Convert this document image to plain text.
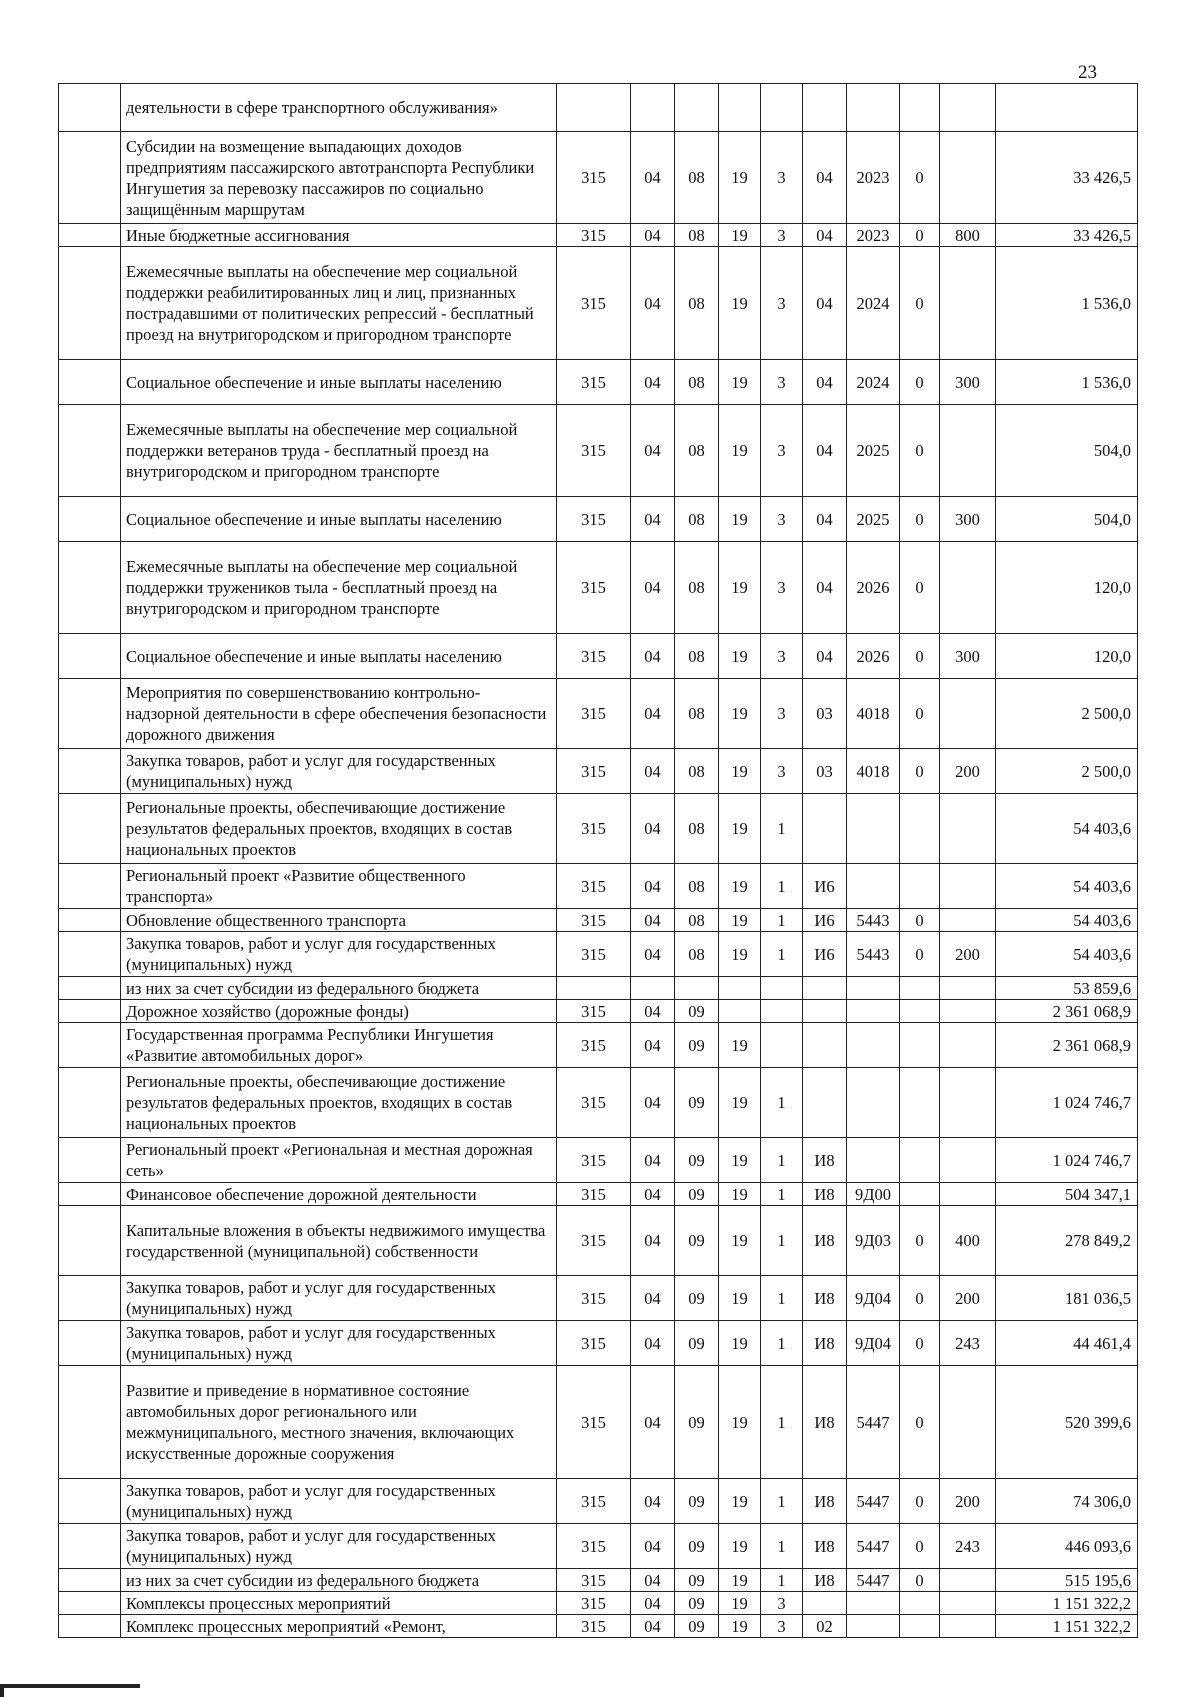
23
	деятельности в сфере транспортного обслуживания»										
	Субсидии на возмещение выпадающих доходов предприятиям пассажирского автотранспорта Республики Ингушетия за перевозку пассажиров по социально защищённым маршрутам	315	04	08	19	3	04	2023	0		33 426,5
	Иные бюджетные ассигнования	315	04	08	19	3	04	2023	0	800	33 426,5
	Ежемесячные выплаты на обеспечение мер социальной поддержки реабилитированных лиц и лиц, признанных пострадавшими от политических репрессий - бесплатный проезд на внутригородском и пригородном транспорте	315	04	08	19	3	04	2024	0		1 536,0
	Социальное обеспечение и иные выплаты населению	315	04	08	19	3	04	2024	0	300	1 536,0
	Ежемесячные выплаты на обеспечение мер социальной поддержки ветеранов труда - бесплатный проезд на внутригородском и пригородном транспорте	315	04	08	19	3	04	2025	0		504,0
	Социальное обеспечение и иные выплаты населению	315	04	08	19	3	04	2025	0	300	504,0
	Ежемесячные выплаты на обеспечение мер социальной поддержки тружеников тыла - бесплатный проезд на внутригородском и пригородном транспорте	315	04	08	19	3	04	2026	0		120,0
	Социальное обеспечение и иные выплаты населению	315	04	08	19	3	04	2026	0	300	120,0
	Мероприятия по совершенствованию контрольно-надзорной деятельности в сфере обеспечения безопасности дорожного движения	315	04	08	19	3	03	4018	0		2 500,0
	Закупка товаров, работ и услуг для государственных (муниципальных) нужд	315	04	08	19	3	03	4018	0	200	2 500,0
	Региональные проекты, обеспечивающие достижение результатов федеральных проектов, входящих в состав национальных проектов	315	04	08	19	1					54 403,6
	Региональный проект «Развитие общественного транспорта»	315	04	08	19	1	И6				54 403,6
	Обновление общественного транспорта	315	04	08	19	1	И6	5443	0		54 403,6
	Закупка товаров, работ и услуг для государственных (муниципальных) нужд	315	04	08	19	1	И6	5443	0	200	54 403,6
	из них за счет субсидии из федерального бюджета										53 859,6
	Дорожное хозяйство (дорожные фонды)	315	04	09							2 361 068,9
	Государственная программа Республики Ингушетия «Развитие автомобильных дорог»	315	04	09	19						2 361 068,9
	Региональные проекты, обеспечивающие достижение результатов федеральных проектов, входящих в состав национальных проектов	315	04	09	19	1					1 024 746,7
	Региональный проект «Региональная и местная дорожная сеть»	315	04	09	19	1	И8				1 024 746,7
	Финансовое обеспечение дорожной деятельности	315	04	09	19	1	И8	9Д00			504 347,1
	Капитальные вложения в объекты недвижимого имущества государственной (муниципальной) собственности	315	04	09	19	1	И8	9Д03	0	400	278 849,2
	Закупка товаров, работ и услуг для государственных (муниципальных) нужд	315	04	09	19	1	И8	9Д04	0	200	181 036,5
	Закупка товаров, работ и услуг для государственных (муниципальных) нужд	315	04	09	19	1	И8	9Д04	0	243	44 461,4
	Развитие и приведение в нормативное состояние автомобильных дорог регионального или межмуниципального, местного значения, включающих искусственные дорожные сооружения	315	04	09	19	1	И8	5447	0		520 399,6
	Закупка товаров, работ и услуг для государственных (муниципальных) нужд	315	04	09	19	1	И8	5447	0	200	74 306,0
	Закупка товаров, работ и услуг для государственных (муниципальных) нужд	315	04	09	19	1	И8	5447	0	243	446 093,6
	из них за счет субсидии из федерального бюджета	315	04	09	19	1	И8	5447	0		515 195,6
	Комплексы процессных мероприятий	315	04	09	19	3					1 151 322,2
	Комплекс процессных мероприятий «Ремонт,	315	04	09	19	3	02				1 151 322,2
